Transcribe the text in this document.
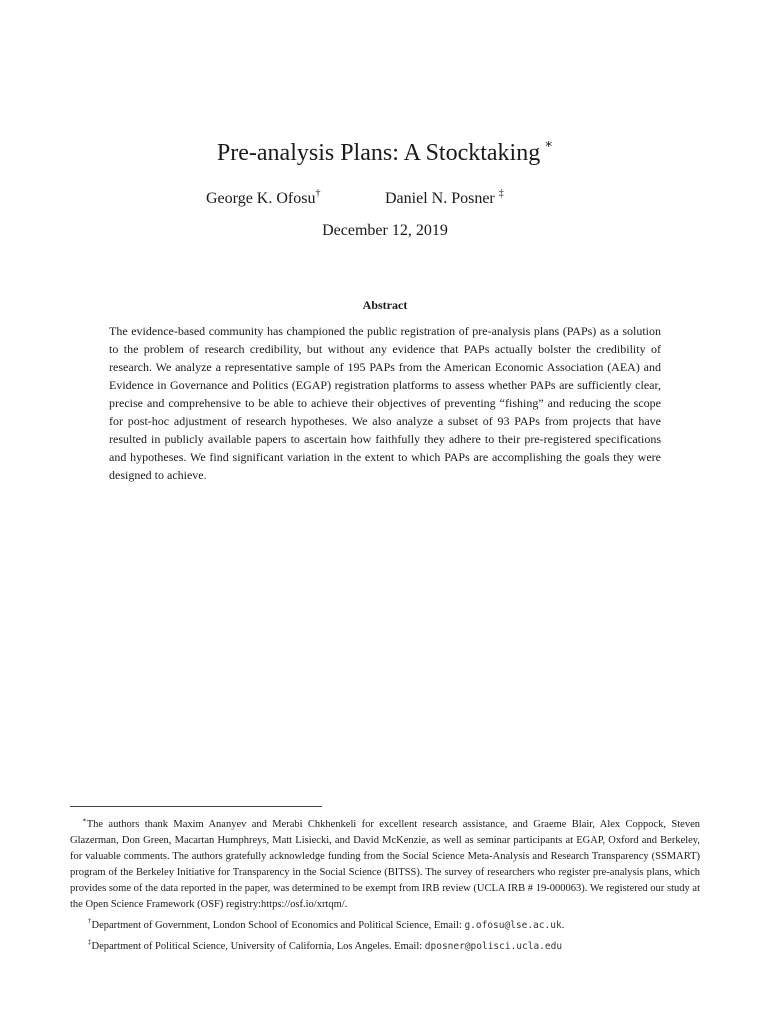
Pre-analysis Plans: A Stocktaking ∗
George K. Ofosu†	Daniel N. Posner ‡
December 12, 2019
Abstract
The evidence-based community has championed the public registration of pre-analysis plans (PAPs) as a solution to the problem of research credibility, but without any evidence that PAPs actually bolster the credibility of research. We analyze a representative sample of 195 PAPs from the American Economic Association (AEA) and Evidence in Governance and Politics (EGAP) registration platforms to assess whether PAPs are sufficiently clear, precise and comprehensive to be able to achieve their objectives of preventing “fishing” and reducing the scope for post-hoc adjustment of research hypotheses. We also analyze a subset of 93 PAPs from projects that have resulted in publicly available papers to ascertain how faithfully they adhere to their pre-registered specifications and hypotheses. We find significant variation in the extent to which PAPs are accomplishing the goals they were designed to achieve.

∗The authors thank Maxim Ananyev and Merabi Chkhenkeli for excellent research assistance, and Graeme Blair, Alex Coppock, Steven Glazerman, Don Green, Macartan Humphreys, Matt Lisiecki, and David McKenzie, as well as seminar participants at EGAP, Oxford and Berkeley, for valuable comments. The authors gratefully acknowledge funding from the Social Science Meta-Analysis and Research Transparency (SSMART) program of the Berkeley Initiative for Transparency in the Social Science (BITSS). The survey of researchers who register pre-analysis plans, which provides some of the data reported in the paper, was determined to be exempt from IRB review (UCLA IRB # 19-000063). We registered our study at the Open Science Framework (OSF) registry:https://osf.io/xrtqm/.

†Department of Government, London School of Economics and Political Science, Email: g.ofosu@lse.ac.uk.

‡Department of Political Science, University of California, Los Angeles. Email: dposner@polisci.ucla.edu
